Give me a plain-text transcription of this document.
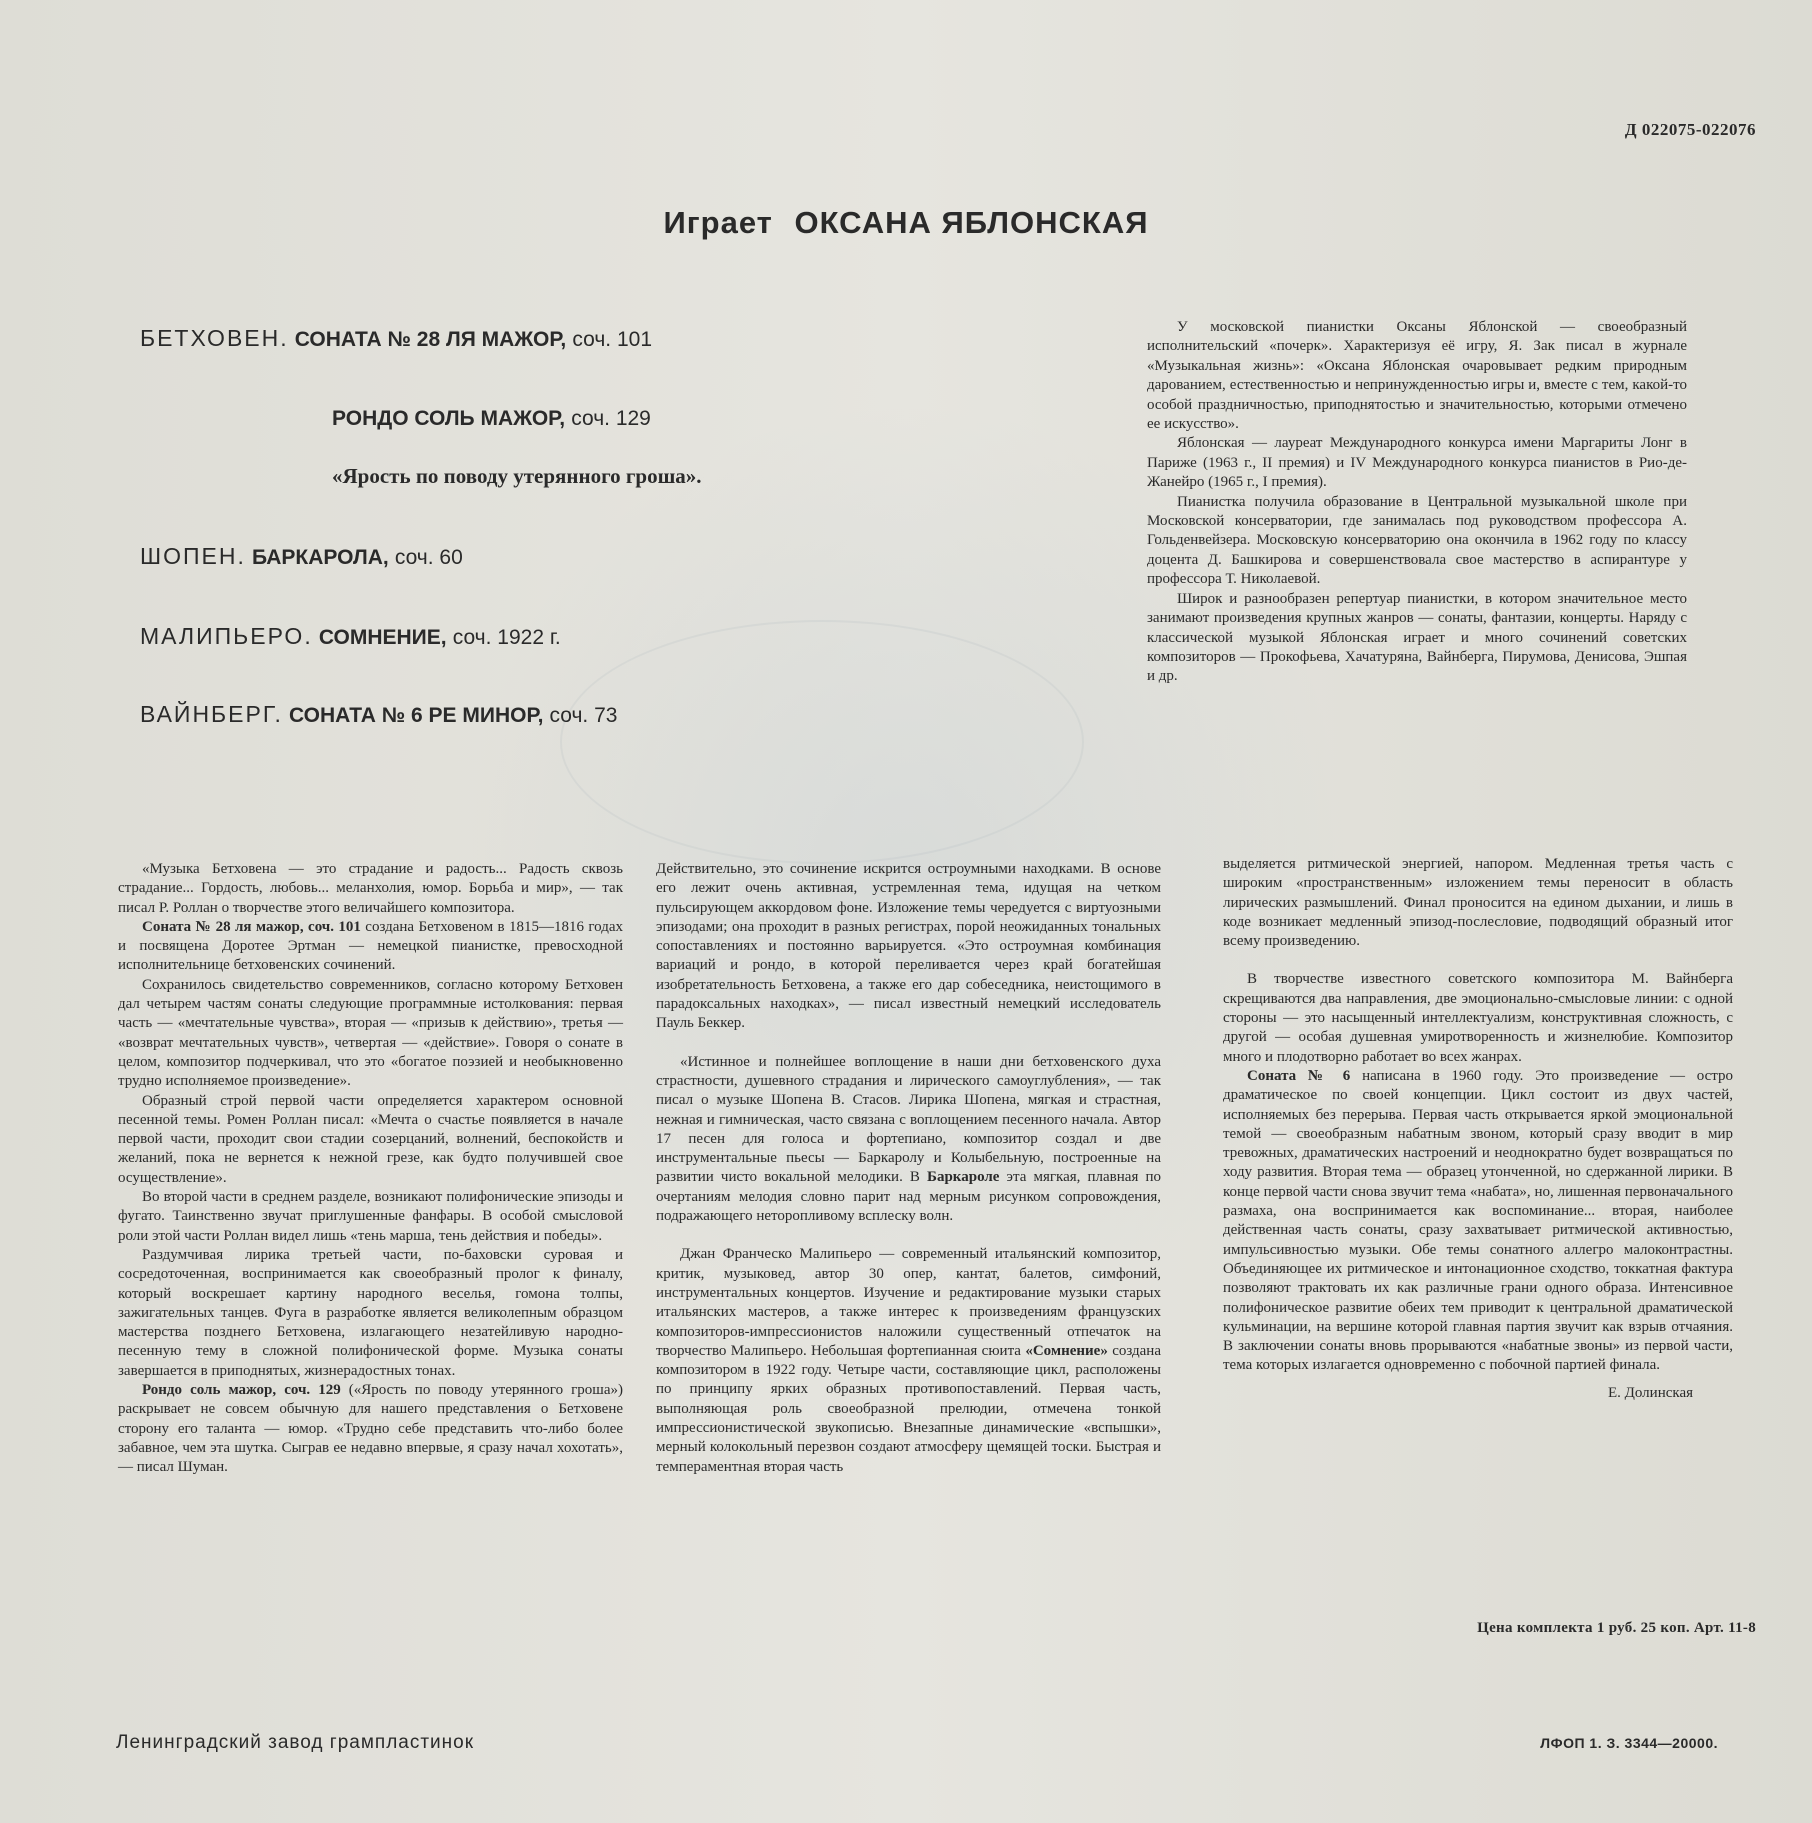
Д 022075-022076
Играет ОКСАНА ЯБЛОНСКАЯ
БЕТХОВЕН. СОНАТА № 28 ЛЯ МАЖОР, соч. 101
РОНДО СОЛЬ МАЖОР, соч. 129
«Ярость по поводу утерянного гроша».
ШОПЕН. БАРКАРОЛА, соч. 60
МАЛИПЬЕРО. СОМНЕНИЕ, соч. 1922 г.
ВАЙНБЕРГ. СОНАТА № 6 РЕ МИНОР, соч. 73

У московской пианистки Оксаны Яблонской — своеобразный исполнительский «почерк». Характеризуя её игру, Я. Зак писал в журнале «Музыкальная жизнь»: «Оксана Яблонская очаровывает редким природным дарованием, естественностью и непринужденностью игры и, вместе с тем, какой-то особой праздничностью, приподнятостью и значительностью, которыми отмечено ее искусство».

Яблонская — лауреат Международного конкурса имени Маргариты Лонг в Париже (1963 г., II премия) и IV Международного конкурса пианистов в Рио-де-Жанейро (1965 г., I премия).

Пианистка получила образование в Центральной музыкальной школе при Московской консерватории, где занималась под руководством профессора А. Гольденвейзера. Московскую консерваторию она окончила в 1962 году по классу доцента Д. Башкирова и совершенствовала свое мастерство в аспирантуре у профессора Т. Николаевой.

Широк и разнообразен репертуар пианистки, в котором значительное место занимают произведения крупных жанров — сонаты, фантазии, концерты. Наряду с классической музыкой Яблонская играет и много сочинений советских композиторов — Прокофьева, Хачатуряна, Вайнберга, Пирумова, Денисова, Эшпая и др.

«Музыка Бетховена — это страдание и радость... Радость сквозь страдание... Гордость, любовь... меланхолия, юмор. Борьба и мир», — так писал Р. Роллан о творчестве этого величайшего композитора.

Соната № 28 ля мажор, соч. 101 создана Бетховеном в 1815—1816 годах и посвящена Доротее Эртман — немецкой пианистке, превосходной исполнительнице бетховенских сочинений.

Сохранилось свидетельство современников, согласно которому Бетховен дал четырем частям сонаты следующие программные истолкования: первая часть — «мечтательные чувства», вторая — «призыв к действию», третья — «возврат мечтательных чувств», четвертая — «действие». Говоря о сонате в целом, композитор подчеркивал, что это «богатое поэзией и необыкновенно трудно исполняемое произведение».

Образный строй первой части определяется характером основной песенной темы. Ромен Роллан писал: «Мечта о счастье появляется в начале первой части, проходит свои стадии созерцаний, волнений, беспокойств и желаний, пока не вернется к нежной грезе, как будто получившей свое осуществление».

Во второй части в среднем разделе, возникают полифонические эпизоды и фугато. Таинственно звучат приглушенные фанфары. В особой смысловой роли этой части Роллан видел лишь «тень марша, тень действия и победы».

Раздумчивая лирика третьей части, по-баховски суровая и сосредоточенная, воспринимается как своеобразный пролог к финалу, который воскрешает картину народного веселья, гомона толпы, зажигательных танцев. Фуга в разработке является великолепным образцом мастерства позднего Бетховена, излагающего незатейливую народно-песенную тему в сложной полифонической форме. Музыка сонаты завершается в приподнятых, жизнерадостных тонах.

Рондо соль мажор, соч. 129 («Ярость по поводу утерянного гроша») раскрывает не совсем обычную для нашего представления о Бетховене сторону его таланта — юмор. «Трудно себе представить что-либо более забавное, чем эта шутка. Сыграв ее недавно впервые, я сразу начал хохотать», — писал Шуман.

Действительно, это сочинение искрится остроумными находками. В основе его лежит очень активная, устремленная тема, идущая на четком пульсирующем аккордовом фоне. Изложение темы чередуется с виртуозными эпизодами; она проходит в разных регистрах, порой неожиданных тональных сопоставлениях и постоянно варьируется. «Это остроумная комбинация вариаций и рондо, в которой переливается через край богатейшая изобретательность Бетховена, а также его дар собеседника, неистощимого в парадоксальных находках», — писал известный немецкий исследователь Пауль Беккер.

«Истинное и полнейшее воплощение в наши дни бетховенского духа страстности, душевного страдания и лирического самоуглубления», — так писал о музыке Шопена В. Стасов. Лирика Шопена, мягкая и страстная, нежная и гимническая, часто связана с воплощением песенного начала. Автор 17 песен для голоса и фортепиано, композитор создал и две инструментальные пьесы — Баркаролу и Колыбельную, построенные на развитии чисто вокальной мелодики. В Баркароле эта мягкая, плавная по очертаниям мелодия словно парит над мерным рисунком сопровождения, подражающего неторопливому всплеску волн.

Джан Франческо Малипьеро — современный итальянский композитор, критик, музыковед, автор 30 опер, кантат, балетов, симфоний, инструментальных концертов. Изучение и редактирование музыки старых итальянских мастеров, а также интерес к произведениям французских композиторов-импрессионистов наложили существенный отпечаток на творчество Малипьеро. Небольшая фортепианная сюита «Сомнение» создана композитором в 1922 году. Четыре части, составляющие цикл, расположены по принципу ярких образных противопоставлений. Первая часть, выполняющая роль своеобразной прелюдии, отмечена тонкой импрессионистической звукописью. Внезапные динамические «вспышки», мерный колокольный перезвон создают атмосферу щемящей тоски. Быстрая и темпераментная вторая часть

выделяется ритмической энергией, напором. Медленная третья часть с широким «пространственным» изложением темы переносит в область лирических размышлений. Финал проносится на едином дыхании, и лишь в коде возникает медленный эпизод-послесловие, подводящий образный итог всему произведению.

В творчестве известного советского композитора М. Вайнберга скрещиваются два направления, две эмоционально-смысловые линии: с одной стороны — это насыщенный интеллектуализм, конструктивная сложность, с другой — особая душевная умиротворенность и жизнелюбие. Композитор много и плодотворно работает во всех жанрах.

Соната № 6 написана в 1960 году. Это произведение — остро драматическое по своей концепции. Цикл состоит из двух частей, исполняемых без перерыва. Первая часть открывается яркой эмоциональной темой — своеобразным набатным звоном, который сразу вводит в мир тревожных, драматических настроений и неоднократно будет возвращаться по ходу развития. Вторая тема — образец утонченной, но сдержанной лирики. В конце первой части снова звучит тема «набата», но, лишенная первоначального размаха, она воспринимается как воспоминание... вторая, наиболее действенная часть сонаты, сразу захватывает ритмической активностью, импульсивностью музыки. Обе темы сонатного аллегро малоконтрастны. Объединяющее их ритмическое и интонационное сходство, токкатная фактура позволяют трактовать их как различные грани одного образа. Интенсивное полифоническое развитие обеих тем приводит к центральной драматической кульминации, на вершине которой главная партия звучит как взрыв отчаяния. В заключении сонаты вновь прорываются «набатные звоны» из первой части, тема которых излагается одновременно с побочной партией финала.

Е. Долинская
Цена комплекта 1 руб. 25 коп. Арт. 11-8
Ленинградский завод грампластинок	ЛФОП 1. З. 3344—20000.
